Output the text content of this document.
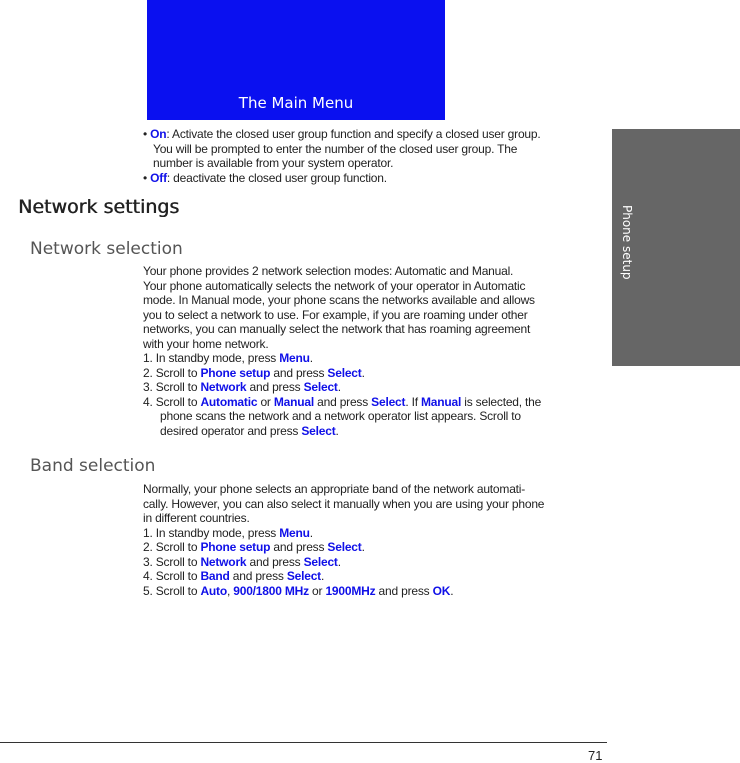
The Main Menu
Phone setup
• On: Activate the closed user group function and specify a closed user group.
You will be prompted to enter the number of the closed user group. The
number is available from your system operator.
• Off: deactivate the closed user group function.
Network settings
Network selection
Your phone provides 2 network selection modes: Automatic and Manual.
Your phone automatically selects the network of your operator in Automatic
mode. In Manual mode, your phone scans the networks available and allows
you to select a network to use. For example, if you are roaming under other
networks, you can manually select the network that has roaming agreement
with your home network.
1. In standby mode, press Menu.
2. Scroll to Phone setup and press Select.
3. Scroll to Network and press Select.
4. Scroll to Automatic or Manual and press Select. If Manual is selected, the
phone scans the network and a network operator list appears. Scroll to
desired operator and press Select.
Band selection
Normally, your phone selects an appropriate band of the network automati-
cally. However, you can also select it manually when you are using your phone
in different countries.
1. In standby mode, press Menu.
2. Scroll to Phone setup and press Select.
3. Scroll to Network and press Select.
4. Scroll to Band and press Select.
5. Scroll to Auto, 900/1800 MHz or 1900MHz and press OK.
71
